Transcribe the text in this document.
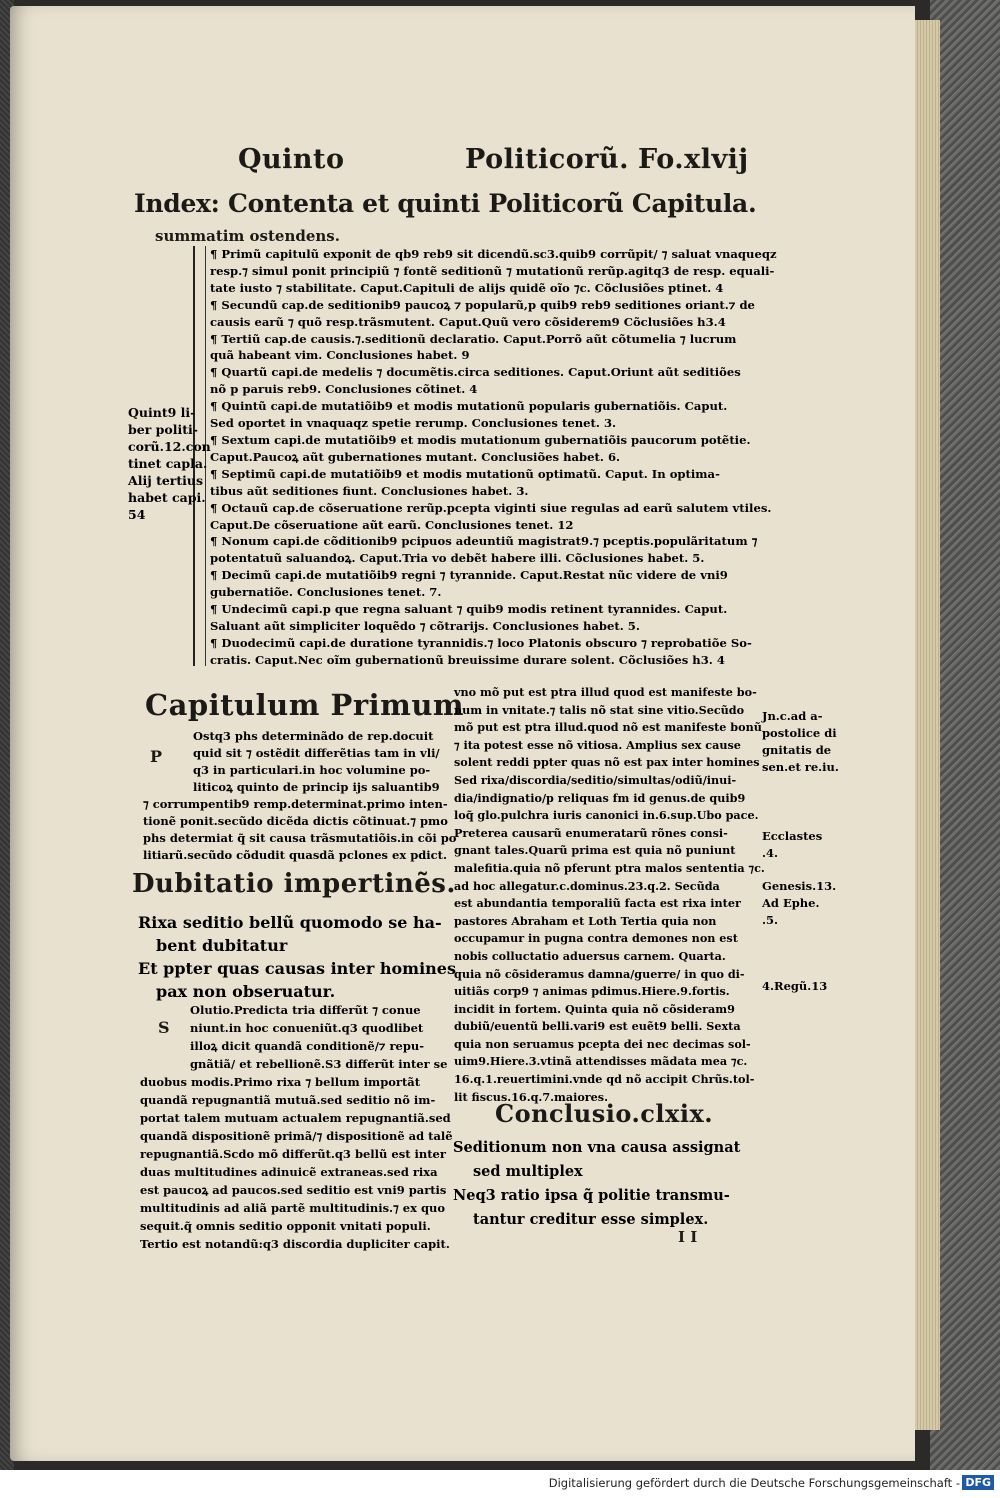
Quinto	Politicorũ. Fo.xlvij
Index: Contenta et quinti Politicorũ Capitula.
summatim ostendens.
Quint9 li-
ber politi-
corũ.12.con
tinet capla.
Alij tertius
habet capi.
54
¶ Primũ capitulũ exponit de qb9 reb9 sit dicendũ.sc3.quib9 corrũpit/ ⁊ saluat vnaqueqz
resp.⁊ simul ponit principiũ ⁊ fontẽ seditionũ ⁊ mutationũ rerũp.agitq3 de resp. equali-
tate iusto ⁊ stabilitate. Caput.Capituli de alijs quidẽ oĩo ⁊c. Cõclusiões ptinet. 4
¶ Secundũ cap.de seditionib9 paucoꝝ ⁊ popularũ,p quib9 reb9 seditiones oriant.⁊ de
causis earũ ⁊ quõ resp.trãsmutent. Caput.Quũ vero cõsiderem9 Cõclusiões h3.4
¶ Tertiũ cap.de causis.⁊.seditionũ declaratio. Caput.Porrõ aũt cõtumelia ⁊ lucrum
quã habeant vim. Conclusiones habet. 9
¶ Quartũ capi.de medelis ⁊ documẽtis.circa seditiones. Caput.Oriunt aũt seditiões
nõ p paruis reb9. Conclusiones cõtinet. 4
¶ Quintũ capi.de mutatiõib9 et modis mutationũ popularis gubernatiõis. Caput.
Sed oportet in vnaquaqz spetie rerump. Conclusiones tenet. 3.
¶ Sextum capi.de mutatiõib9 et modis mutationum gubernatiõis paucorum potẽtie.
Caput.Paucoꝝ aũt gubernationes mutant. Conclusiões habet. 6.
¶ Septimũ capi.de mutatiõib9 et modis mutationũ optimatũ. Caput. In optima-
tibus aũt seditiones fiunt. Conclusiones habet. 3.
¶ Octauũ cap.de cõseruatione rerũp.pcepta viginti siue regulas ad earũ salutem vtiles.
Caput.De cõseruatione aũt earũ. Conclusiones tenet. 12
¶ Nonum capi.de cõditionib9 pcipuos adeuntiũ magistrat9.⁊ pceptis.populãritatum ⁊
potentatuũ saluandoꝝ. Caput.Tria vo debẽt habere illi. Cõclusiones habet. 5.
¶ Decimũ capi.de mutatiõib9 regni ⁊ tyrannide. Caput.Restat nũc videre de vni9
gubernatiõe. Conclusiones tenet. 7.
¶ Undecimũ capi.p que regna saluant ⁊ quib9 modis retinent tyrannides. Caput.
Saluant aũt simpliciter loquẽdo ⁊ cõtrarijs. Conclusiones habet. 5.
¶ Duodecimũ capi.de duratione tyrannidis.⁊ loco Platonis obscuro ⁊ reprobatiõe So-
cratis. Caput.Nec oĩm gubernationũ breuissime durare solent. Cõclusiões h3. 4
Capitulum Primum
P
Ostq3 phs determinãdo de rep.docuit
quid sit ⁊ ostẽdit differẽtias tam in vli/
q3 in particulari.in hoc volumine po-
liticoꝝ quinto de princip ijs saluantib9
⁊ corrumpentib9 remp.determinat.primo inten-
tionẽ ponit.secũdo dicẽda dictis cõtinuat.⁊ pmo
phs determiat q̃ sit causa trãsmutatiõis.in cõi po
litiarũ.secũdo cõdudit quasdã pclones ex pdict.
Dubitatio impertinẽs.
Rixa seditio bellũ quomodo se ha-
bent dubitatur
Et ppter quas causas inter homines
pax non obseruatur.
S
Olutio.Predicta tria differũt ⁊ conue
niunt.in hoc conueniũt.q3 quodlibet
illoꝝ dicit quandã conditionẽ/⁊ repu-
gnãtiã/ et rebellionẽ.S3 differũt inter se
duobus modis.Primo rixa ⁊ bellum importãt
quandã repugnantiã mutuã.sed seditio nõ im-
portat talem mutuam actualem repugnantiã.sed
quandã dispositionẽ primã/⁊ dispositionẽ ad talẽ
repugnantiã.Scdo mõ differũt.q3 bellũ est inter
duas multitudines adinuicẽ extraneas.sed rixa
est paucoꝝ ad paucos.sed seditio est vni9 partis
multitudinis ad aliã partẽ multitudinis.⁊ ex quo
sequit.q̃ omnis seditio opponit vnitati populi.
Tertio est notandũ:q3 discordia dupliciter capit.
vno mõ put est ptra illud quod est manifeste bo-
num in vnitate.⁊ talis nõ stat sine vitio.Secũdo
mõ put est ptra illud.quod nõ est manifeste bonũ
⁊ ita potest esse nõ vitiosa. Amplius sex cause
solent reddi ppter quas nõ est pax inter homines
Sed rixa/discordia/seditio/simultas/odiũ/inui-
dia/indignatio/p reliquas fm id genus.de quib9
loq̃ glo.pulchra iuris canonici in.6.sup.Ubo pace.
Preterea causarũ enumeratarũ rõnes consi-
gnant tales.Quarũ prima est quia nõ puniunt
malefitia.quia nõ pferunt ptra malos sententia ⁊c.
ad hoc allegatur.c.dominus.23.q.2. Secũda
est abundantia temporaliũ facta est rixa inter
pastores Abraham et Loth Tertia quia non
occupamur in pugna contra demones non est
nobis colluctatio aduersus carnem. Quarta.
quia nõ cõsideramus damna/guerre/ in quo di-
uitiãs corp9 ⁊ animas pdimus.Hiere.9.fortis.
incidit in fortem. Quinta quia nõ cõsideram9
dubiũ/euentũ belli.vari9 est euẽt9 belli. Sexta
quia non seruamus pcepta dei nec decimas sol-
uim9.Hiere.3.vtinã attendisses mãdata mea ⁊c.
16.q.1.reuertimini.vnde qd nõ accipit Chrũs.tol-
lit fiscus.16.q.7.maiores.
Conclusio.clxix.
Seditionum non vna causa assignat
sed multiplex
Neq3 ratio ipsa q̃ politie transmu-
tantur creditur esse simplex.
I I
Jn.c.ad a-
postolice di
gnitatis de
sen.et re.iu.
Ecclastes
.4.
Genesis.13.
Ad Ephe.
.5.
4.Regũ.13
Digitalisierung gefördert durch die Deutsche Forschungsgemeinschaft - DFG
